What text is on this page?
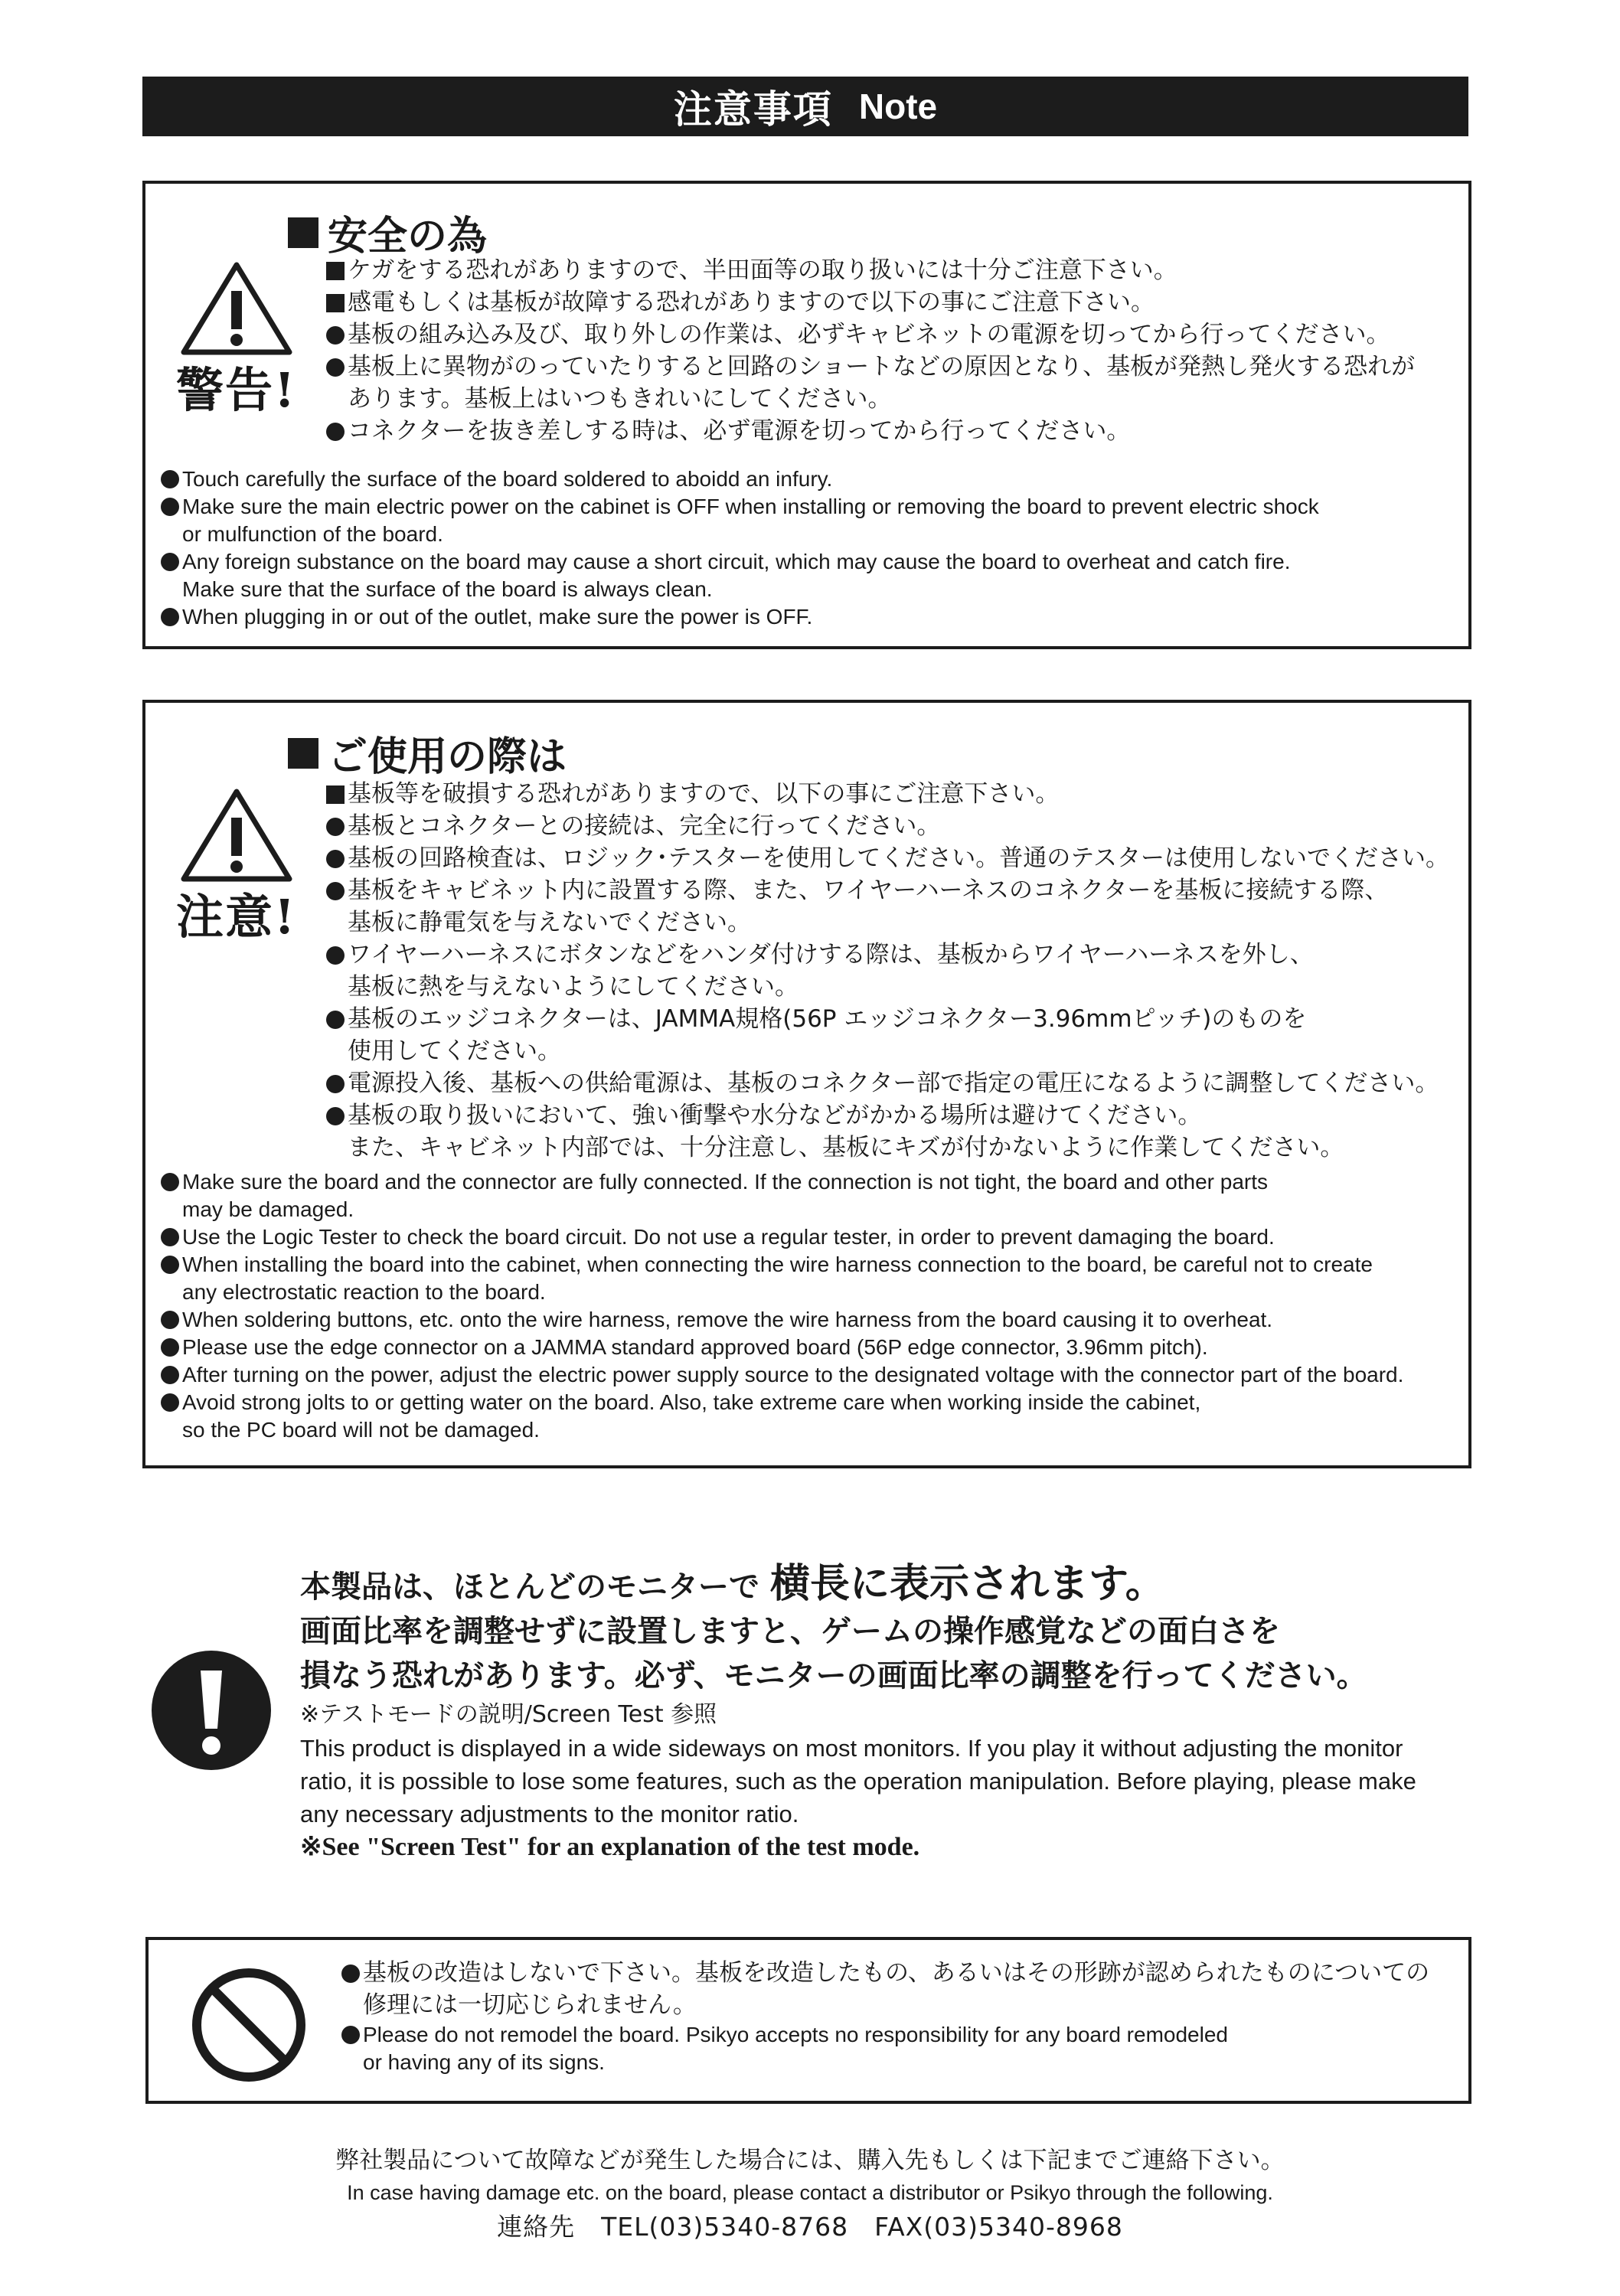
注意事項 Note
安全の為
警告!
ケガをする恐れがありますので、半田面等の取り扱いには十分ご注意下さい。
感電もしくは基板が故障する恐れがありますので以下の事にご注意下さい。
基板の組み込み及び、取り外しの作業は、必ずキャビネットの電源を切ってから行ってください。
基板上に異物がのっていたりすると回路のショートなどの原因となり、基板が発熱し発火する恐れが
あります。基板上はいつもきれいにしてください。
コネクターを抜き差しする時は、必ず電源を切ってから行ってください。
Touch carefully the surface of the board soldered to aboidd an infury.
Make sure the main electric power on the cabinet is OFF when installing or removing the board to prevent electric shock
or mulfunction of the board.
Any foreign substance on the board may cause a short circuit, which may cause the board to overheat and catch fire.
Make sure that the surface of the board is always clean.
When plugging in or out of the outlet, make sure the power is OFF.
ご使用の際は
注意!
基板等を破損する恐れがありますので、以下の事にご注意下さい。
基板とコネクターとの接続は、完全に行ってください。
基板の回路検査は、ロジック･テスターを使用してください。普通のテスターは使用しないでください。
基板をキャビネット内に設置する際、また、ワイヤーハーネスのコネクターを基板に接続する際、
基板に静電気を与えないでください。
ワイヤーハーネスにボタンなどをハンダ付けする際は、基板からワイヤーハーネスを外し、
基板に熱を与えないようにしてください。
基板のエッジコネクターは、JAMMA規格(56P エッジコネクター3.96mmピッチ)のものを
使用してください。
電源投入後、基板への供給電源は、基板のコネクター部で指定の電圧になるように調整してください。
基板の取り扱いにおいて、強い衝撃や水分などがかかる場所は避けてください。
また、キャビネット内部では、十分注意し、基板にキズが付かないように作業してください。
Make sure the board and the connector are fully connected. If the connection is not tight, the board and other parts
may be damaged.
Use the Logic Tester to check the board circuit. Do not use a regular tester, in order to prevent damaging the board.
When installing the board into the cabinet, when connecting the wire harness connection to the board, be careful not to create
any electrostatic reaction to the board.
When soldering buttons, etc. onto the wire harness, remove the wire harness from the board causing it to overheat.
Please use the edge connector on a JAMMA standard approved board (56P edge connector, 3.96mm pitch).
After turning on the power, adjust the electric power supply source to the designated voltage with the connector part of the board.
Avoid strong jolts to or getting water on the board. Also, take extreme care when working inside the cabinet,
so the PC board will not be damaged.
本製品は、ほとんどのモニターで 横長に表示されます。
画面比率を調整せずに設置しますと、ゲームの操作感覚などの面白さを
損なう恐れがあります。必ず、モニターの画面比率の調整を行ってください。
※テストモードの説明/Screen Test 参照
This product is displayed in a wide sideways on most monitors. If you play it without adjusting the monitor
ratio, it is possible to lose some features, such as the operation manipulation. Before playing, please make
any necessary adjustments to the monitor ratio.
※See "Screen Test" for an explanation of the test mode.
基板の改造はしないで下さい。基板を改造したもの、あるいはその形跡が認められたものについての
修理には一切応じられません。
Please do not remodel the board. Psikyo accepts no responsibility for any board remodeled
or having any of its signs.
弊社製品について故障などが発生した場合には、購入先もしくは下記までご連絡下さい。
In case having damage etc. on the board, please contact a distributor or Psikyo through the following.
連絡先　TEL(03)5340-8768　FAX(03)5340-8968
